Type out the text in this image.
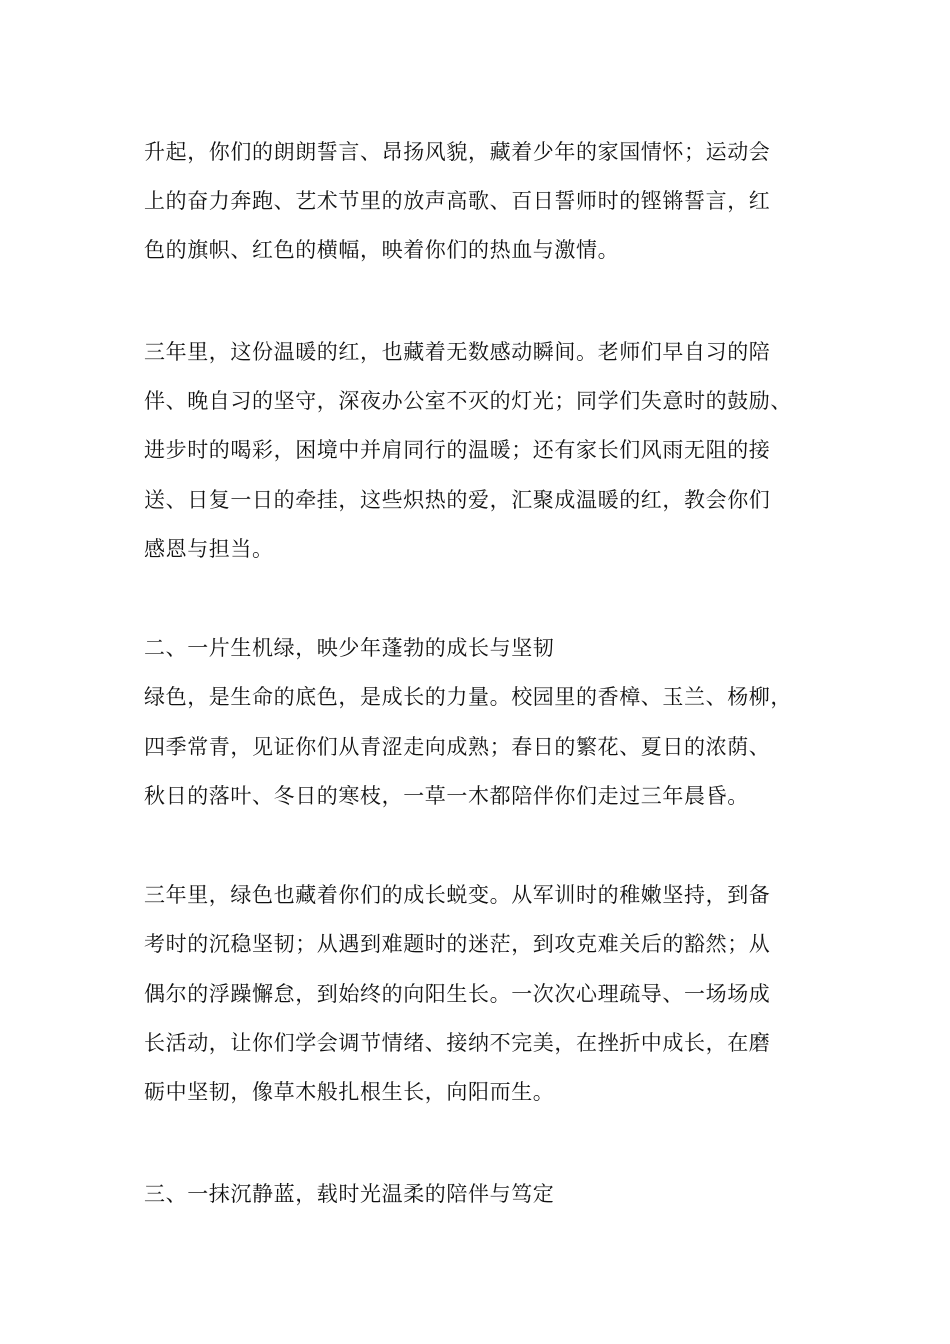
升起，你们的朗朗誓言、昂扬风貌，藏着少年的家国情怀；运动会
上的奋力奔跑、艺术节里的放声高歌、百日誓师时的铿锵誓言，红
色的旗帜、红色的横幅，映着你们的热血与激情。
三年里，这份温暖的红，也藏着无数感动瞬间。老师们早自习的陪
伴、晚自习的坚守，深夜办公室不灭的灯光；同学们失意时的鼓励、
进步时的喝彩，困境中并肩同行的温暖；还有家长们风雨无阻的接
送、日复一日的牵挂，这些炽热的爱，汇聚成温暖的红，教会你们
感恩与担当。
二、一片生机绿，映少年蓬勃的成长与坚韧
绿色，是生命的底色，是成长的力量。校园里的香樟、玉兰、杨柳，
四季常青，见证你们从青涩走向成熟；春日的繁花、夏日的浓荫、
秋日的落叶、冬日的寒枝，一草一木都陪伴你们走过三年晨昏。
三年里，绿色也藏着你们的成长蜕变。从军训时的稚嫩坚持，到备
考时的沉稳坚韧；从遇到难题时的迷茫，到攻克难关后的豁然；从
偶尔的浮躁懈怠，到始终的向阳生长。一次次心理疏导、一场场成
长活动，让你们学会调节情绪、接纳不完美，在挫折中成长，在磨
砺中坚韧，像草木般扎根生长，向阳而生。
三、一抹沉静蓝，载时光温柔的陪伴与笃定
